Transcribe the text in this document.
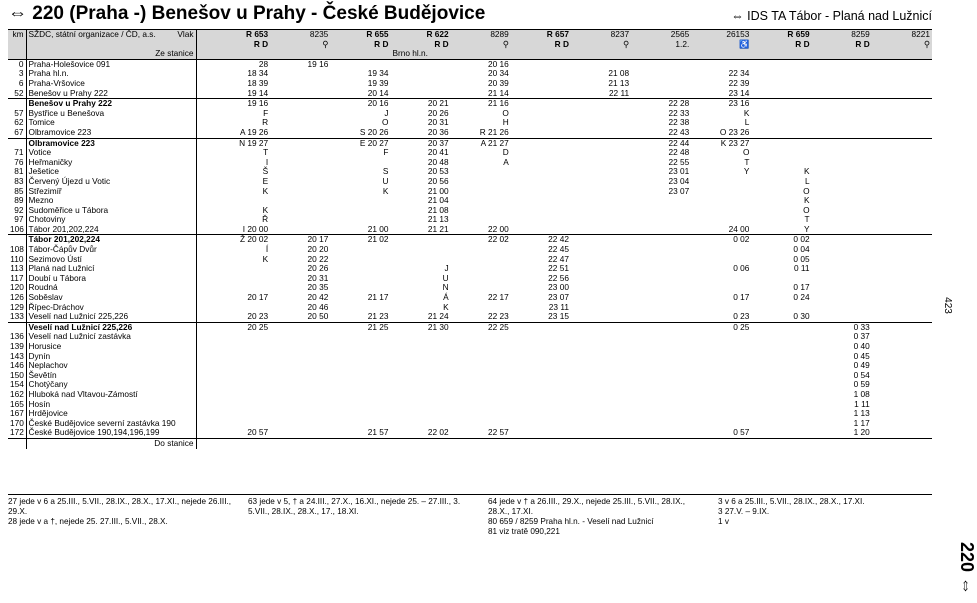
⇔ 220 (Praha -) Benešov u Prahy - České Budějovice	⇔ IDS TA Tábor - Planá nad Lužnicí
km	SŽDC, státní organizace / ČD, a.s. Vlak		R 653	8235	R 655	R 622	8289	R 657	8237	2565	26153	R 659	8259	8221
			R D	⚲	R D	R D	⚲	R D	⚲	1.2.	♿	R D	R D	⚲
	Ze stanice					Brno hl.n.								
0	Praha-Holešovice 091		28	19 16			20 16							
3	Praha hl.n.		18 34		19 34		20 34		21 08		22 34			
6	Praha-Vršovice		18 39		19 39		20 39		21 13		22 39			
52	Benešov u Prahy 222		19 14		20 14		21 14		22 11		23 14			
	Benešov u Prahy 222		19 16		20 16	20 21	21 16			22 28	23 16			
57	Bystřice u Benešova		F		J	20 26	O			22 33	K			
62	Tomice		R		O	20 31	H			22 38	L			
67	Olbramovice 223		A 19 26		S 20 26	20 36	R 21 26			22 43	O 23 26			
	Olbramovice 223		N 19 27		E 20 27	20 37	A 21 27			22 44	K 23 27			
71	Votice		T		F	20 41	D			22 48	O			
76	Heřmaničky		I			20 48	A			22 55	T			
81	Ješetice		Š		S	20 53				23 01	Y	K		
83	Červený Újezd u Votic		E		U	20 56				23 04		L		
85	Střezimíř		K		K	21 00				23 07		O		
89	Mezno					21 04						K		
92	Sudoměřice u Tábora		K			21 08						O		
97	Chotoviny		Ř			21 13						T		
106	Tábor 201,202,224		I 20 00		21 00	21 21	22 00				24 00	Y		
	Tábor 201,202,224		Ž 20 02	20 17	21 02		22 02	22 42			0 02	0 02		
108	Tábor-Čápův Dvůr		Í	20 20				22 45				0 04		
110	Sezimovo Ústí		K	20 22				22 47				0 05		
113	Planá nad Lužnicí			20 26		J		22 51			0 06	0 11		
117	Doubí u Tábora			20 31		U		22 56						
120	Roudná			20 35		N		23 00				0 17		
126	Soběslav		20 17	20 42	21 17	Á	22 17	23 07			0 17	0 24		
129	Řípec-Dráchov			20 46		K		23 11						
133	Veselí nad Lužnicí 225,226		20 23	20 50	21 23	21 24	22 23	23 15			0 23	0 30		
	Veselí nad Lužnicí 225,226		20 25		21 25	21 30	22 25				0 25		0 33	
136	Veselí nad Lužnicí zastávka												0 37	
139	Horusice												0 40	
143	Dynín												0 45	
146	Neplachov												0 49	
150	Ševětín												0 54	
154	Chotýčany												0 59	
162	Hluboká nad Vltavou-Zámostí												1 08	
165	Hosín												1 11	
167	Hrdějovice												1 13	
170	České Budějovice severní zastávka 190												1 17	
172	České Budějovice 190,194,196,199		20 57		21 57	22 02	22 57				0 57		1 20	
	Do stanice													
27 jede v 6 a 25.III., 5.VII., 28.IX., 28.X., 17.XI., nejede 26.III., 29.X.
28 jede v a †, nejede 25. 27.III., 5.VII., 28.X.
63 jede v 5, † a 24.III., 27.X., 16.XI., nejede 25. – 27.III., 3. 5.VII., 28.IX., 28.X., 17., 18.XI.
64 jede v † a 26.III., 29.X., nejede 25.III., 5.VII., 28.IX., 28.X., 17.XI.
80 659 / 8259 Praha hl.n. - Veselí nad Lužnicí
81 viz tratě 090,221
3 v 6 a 25.III., 5.VII., 28.IX., 28.X., 17.XI.
3 27.V. – 9.IX.
1 v
423
220 ⇔
